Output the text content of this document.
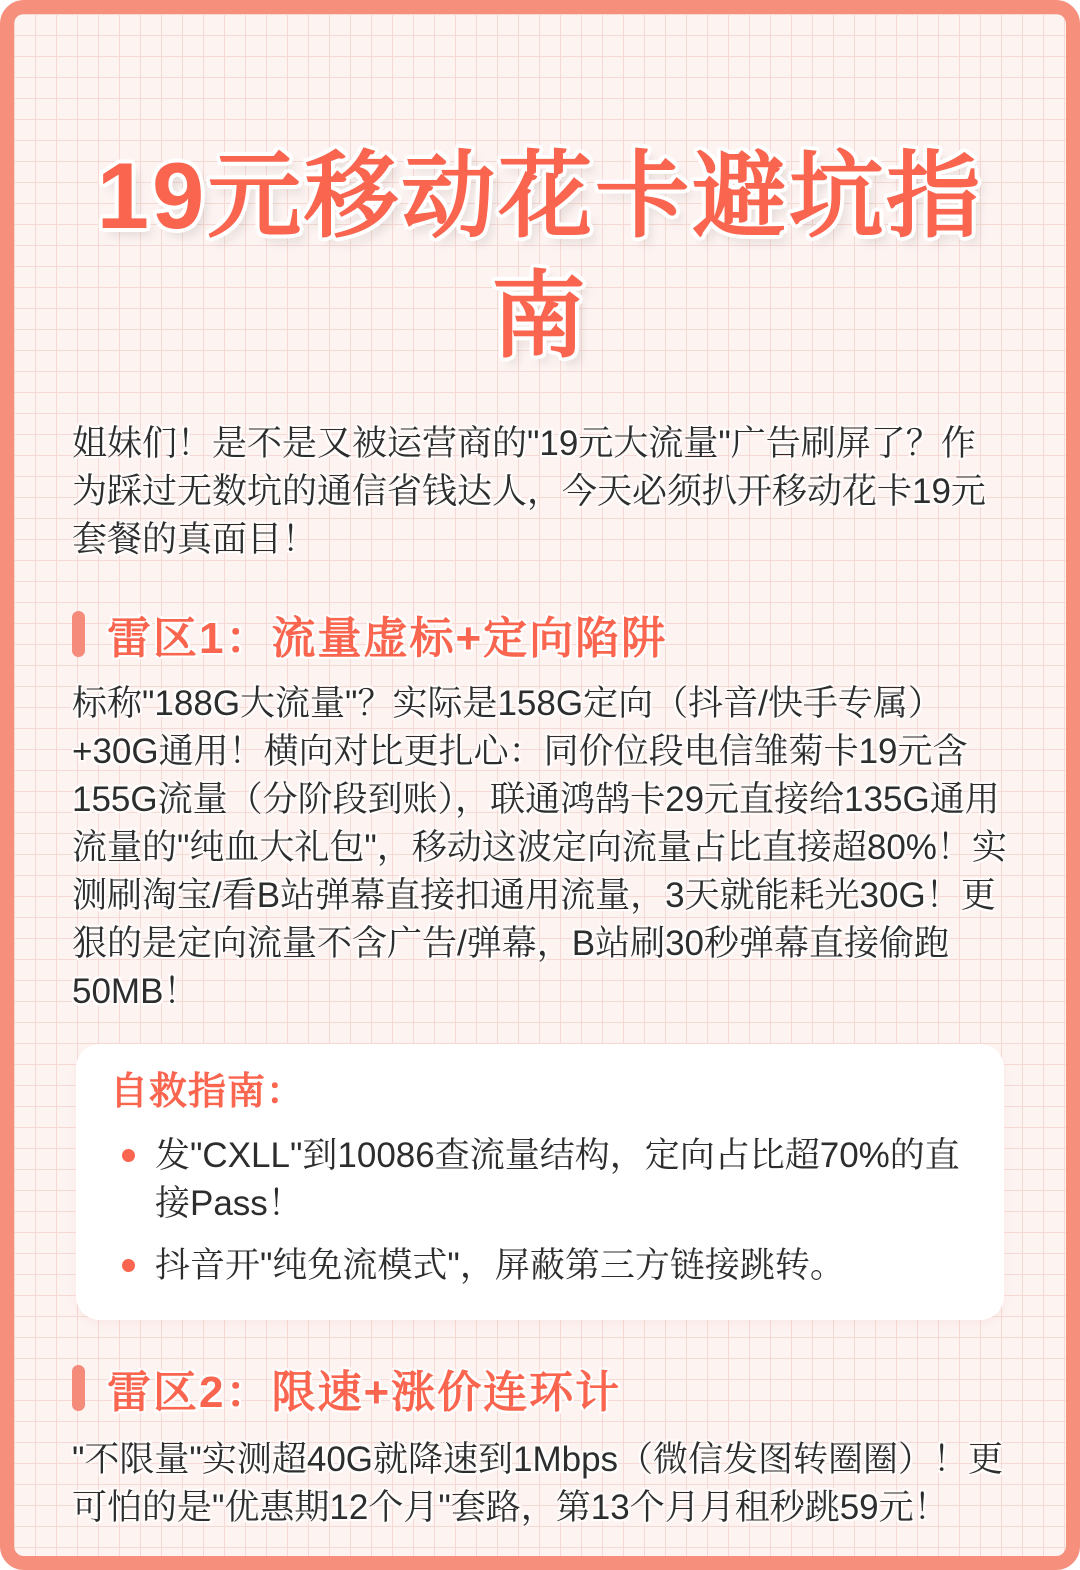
19元移动花卡避坑指
南

姐妹们！是不是又被运营商的"19元大流量"广告刷屏了？作为踩过无数坑的通信省钱达人，今天必须扒开移动花卡19元套餐的真面目！

雷区1：流量虚标+定向陷阱

标称"188G大流量"？实际是158G定向（抖音/快手专属）+30G通用！横向对比更扎心：同价位段电信雏菊卡19元含155G流量（分阶段到账），联通鸿鹄卡29元直接给135G通用流量的"纯血大礼包"，移动这波定向流量占比直接超80%！实测刷淘宝/看B站弹幕直接扣通用流量，3天就能耗光30G！更狠的是定向流量不含广告/弹幕，B站刷30秒弹幕直接偷跑50MB！

自救指南：
发"CXLL"到10086查流量结构，定向占比超70%的直接Pass！
抖音开"纯免流模式"，屏蔽第三方链接跳转。
雷区2：限速+涨价连环计

"不限量"实测超40G就降速到1Mbps（微信发图转圈圈）！更可怕的是"优惠期12个月"套路，第13个月月租秒跳59元！
